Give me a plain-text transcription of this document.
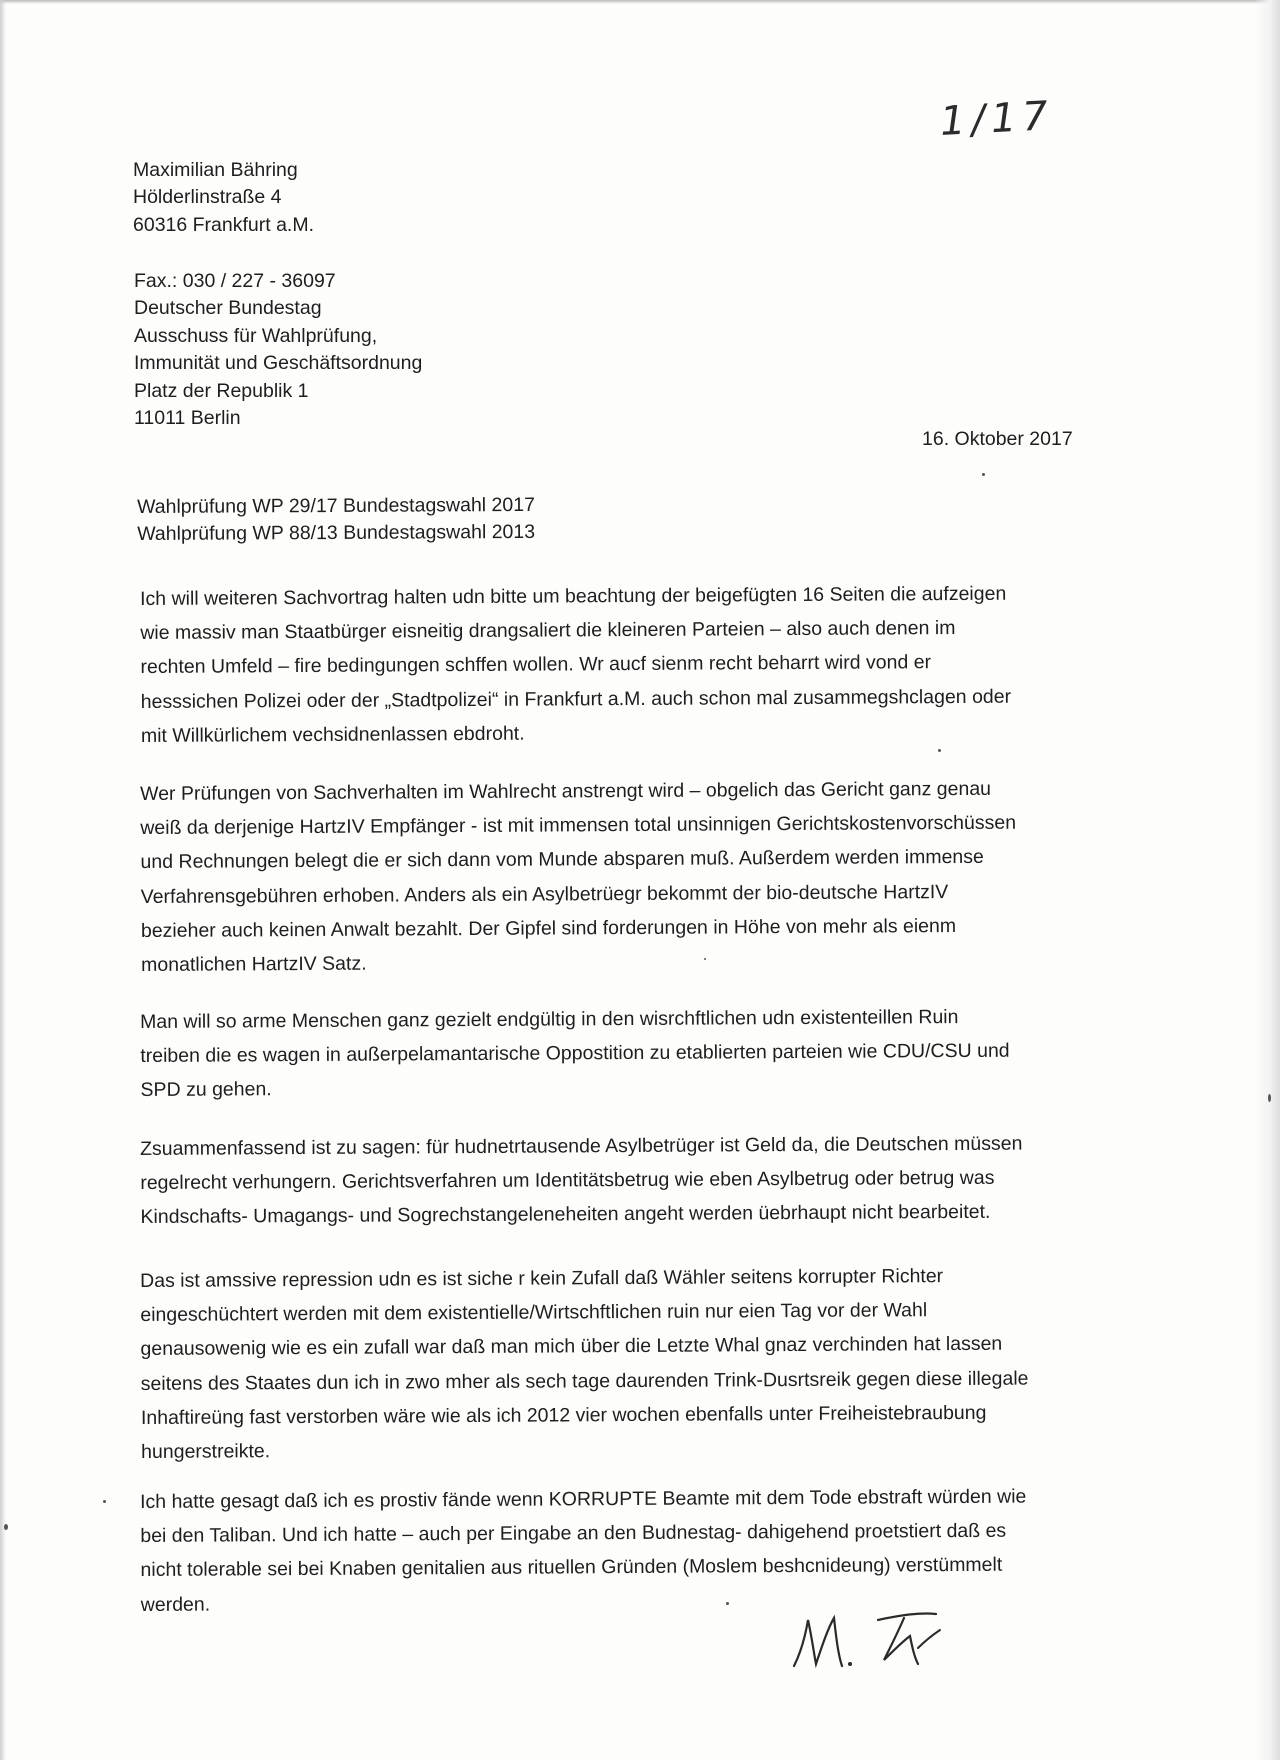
1/17
Maximilian Bähring
Hölderlinstraße 4
60316 Frankfurt a.M.
Fax.: 030 / 227 - 36097
Deutscher Bundestag
Ausschuss für Wahlprüfung,
Immunität und Geschäftsordnung
Platz der Republik 1
11011 Berlin
16. Oktober 2017
Wahlprüfung WP 29/17 Bundestagswahl 2017
Wahlprüfung WP 88/13 Bundestagswahl 2013
Ich will weiteren Sachvortrag halten udn bitte um beachtung der beigefügten 16 Seiten die aufzeigen
wie massiv man Staatbürger eisneitig drangsaliert die kleineren Parteien – also auch denen im
rechten Umfeld – fire bedingungen schffen wollen. Wr aucf sienm recht beharrt wird vond er
hesssichen Polizei oder der „Stadtpolizei“ in Frankfurt a.M. auch schon mal zusammegshclagen oder
mit Willkürlichem vechsidnenlassen ebdroht.
Wer Prüfungen von Sachverhalten im Wahlrecht anstrengt wird – obgelich das Gericht ganz genau
weiß da derjenige HartzIV Empfänger - ist mit immensen total unsinnigen Gerichtskostenvorschüssen
und Rechnungen belegt die er sich dann vom Munde absparen muß. Außerdem werden immense
Verfahrensgebühren erhoben. Anders als ein Asylbetrüegr bekommt der bio-deutsche HartzIV
bezieher auch keinen Anwalt bezahlt. Der Gipfel sind forderungen in Höhe von mehr als eienm
monatlichen HartzIV Satz.
Man will so arme Menschen ganz gezielt endgültig in den wisrchftlichen udn existenteillen Ruin
treiben die es wagen in außerpelamantarische Oppostition zu etablierten parteien wie CDU/CSU und
SPD zu gehen.
Zsuammenfassend ist zu sagen: für hudnetrtausende Asylbetrüger ist Geld da, die Deutschen müssen
regelrecht verhungern. Gerichtsverfahren um Identitätsbetrug wie eben Asylbetrug oder betrug was
Kindschafts- Umagangs- und Sogrechstangeleneheiten angeht werden üebrhaupt nicht bearbeitet.
Das ist amssive repression udn es ist siche r kein Zufall daß Wähler seitens korrupter Richter
eingeschüchtert werden mit dem existentielle/Wirtschftlichen ruin nur eien Tag vor der Wahl
genausowenig wie es ein zufall war daß man mich über die Letzte Whal gnaz verchinden hat lassen
seitens des Staates dun ich in zwo mher als sech tage daurenden Trink-Dusrtsreik gegen diese illegale
Inhaftireüng fast verstorben wäre wie als ich 2012 vier wochen ebenfalls unter Freiheistebraubung
hungerstreikte.
Ich hatte gesagt daß ich es prostiv fände wenn KORRUPTE Beamte mit dem Tode ebstraft würden wie
bei den Taliban. Und ich hatte – auch per Eingabe an den Budnestag- dahigehend proetstiert daß es
nicht tolerable sei bei Knaben genitalien aus rituellen Gründen (Moslem beshcnideung) verstümmelt
werden.
